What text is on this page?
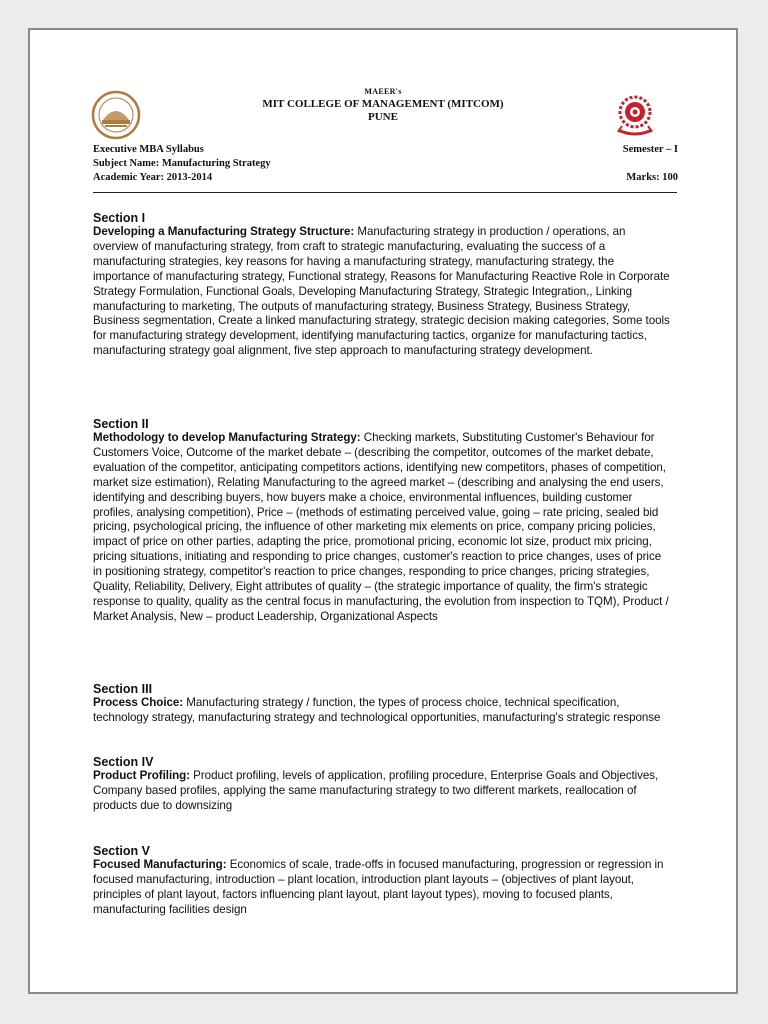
MAEER's
MIT COLLEGE OF MANAGEMENT (MITCOM)
PUNE
Executive MBA Syllabus	Semester – I
Subject Name: Manufacturing Strategy
Academic Year: 2013-2014	Marks: 100
Section I

Developing a Manufacturing Strategy Structure: Manufacturing strategy in production / operations, an overview of manufacturing strategy, from craft to strategic manufacturing, evaluating the success of a manufacturing strategies, key reasons for having a manufacturing strategy, manufacturing strategy, the importance of manufacturing strategy, Functional strategy, Reasons for Manufacturing Reactive Role in Corporate Strategy Formulation, Functional Goals, Developing Manufacturing Strategy, Strategic Integration,, Linking manufacturing to marketing, The outputs of manufacturing strategy, Business Strategy, Business Strategy, Business segmentation, Create a linked manufacturing strategy, strategic decision making categories, Some tools for manufacturing strategy development, identifying manufacturing tactics, organize for manufacturing tactics, manufacturing strategy goal alignment, five step approach to manufacturing strategy development.

Section II

Methodology to develop Manufacturing Strategy: Checking markets, Substituting Customer's Behaviour for Customers Voice, Outcome of the market debate – (describing the competitor, outcomes of the market debate, evaluation of the competitor, anticipating competitors actions, identifying new competitors, phases of competition, market size estimation), Relating Manufacturing to the agreed market – (describing and analysing the end users, identifying and describing buyers, how buyers make a choice, environmental influences, building customer profiles, analysing competition), Price – (methods of estimating perceived value, going – rate pricing, sealed bid pricing, psychological pricing, the influence of other marketing mix elements on price, company pricing policies, impact of price on other parties, adapting the price, promotional pricing, economic lot size, product mix pricing, pricing situations, initiating and responding to price changes, customer's reaction to price changes, uses of price in positioning strategy, competitor's reaction to price changes, responding to price changes, pricing strategies, Quality, Reliability, Delivery, Eight attributes of quality – (the strategic importance of quality, the firm's strategic response to quality, quality as the central focus in manufacturing, the evolution from inspection to TQM), Product / Market Analysis, New – product Leadership, Organizational Aspects

Section III

Process Choice: Manufacturing strategy / function, the types of process choice, technical specification, technology strategy, manufacturing strategy and technological opportunities, manufacturing's strategic response

Section IV

Product Profiling: Product profiling, levels of application, profiling procedure, Enterprise Goals and Objectives, Company based profiles, applying the same manufacturing strategy to two different markets, reallocation of products due to downsizing

Section V

Focused Manufacturing: Economics of scale, trade-offs in focused manufacturing, progression or regression in focused manufacturing, introduction – plant location, introduction plant layouts – (objectives of plant layout, principles of plant layout, factors influencing plant layout, plant layout types), moving to focused plants, manufacturing facilities design
